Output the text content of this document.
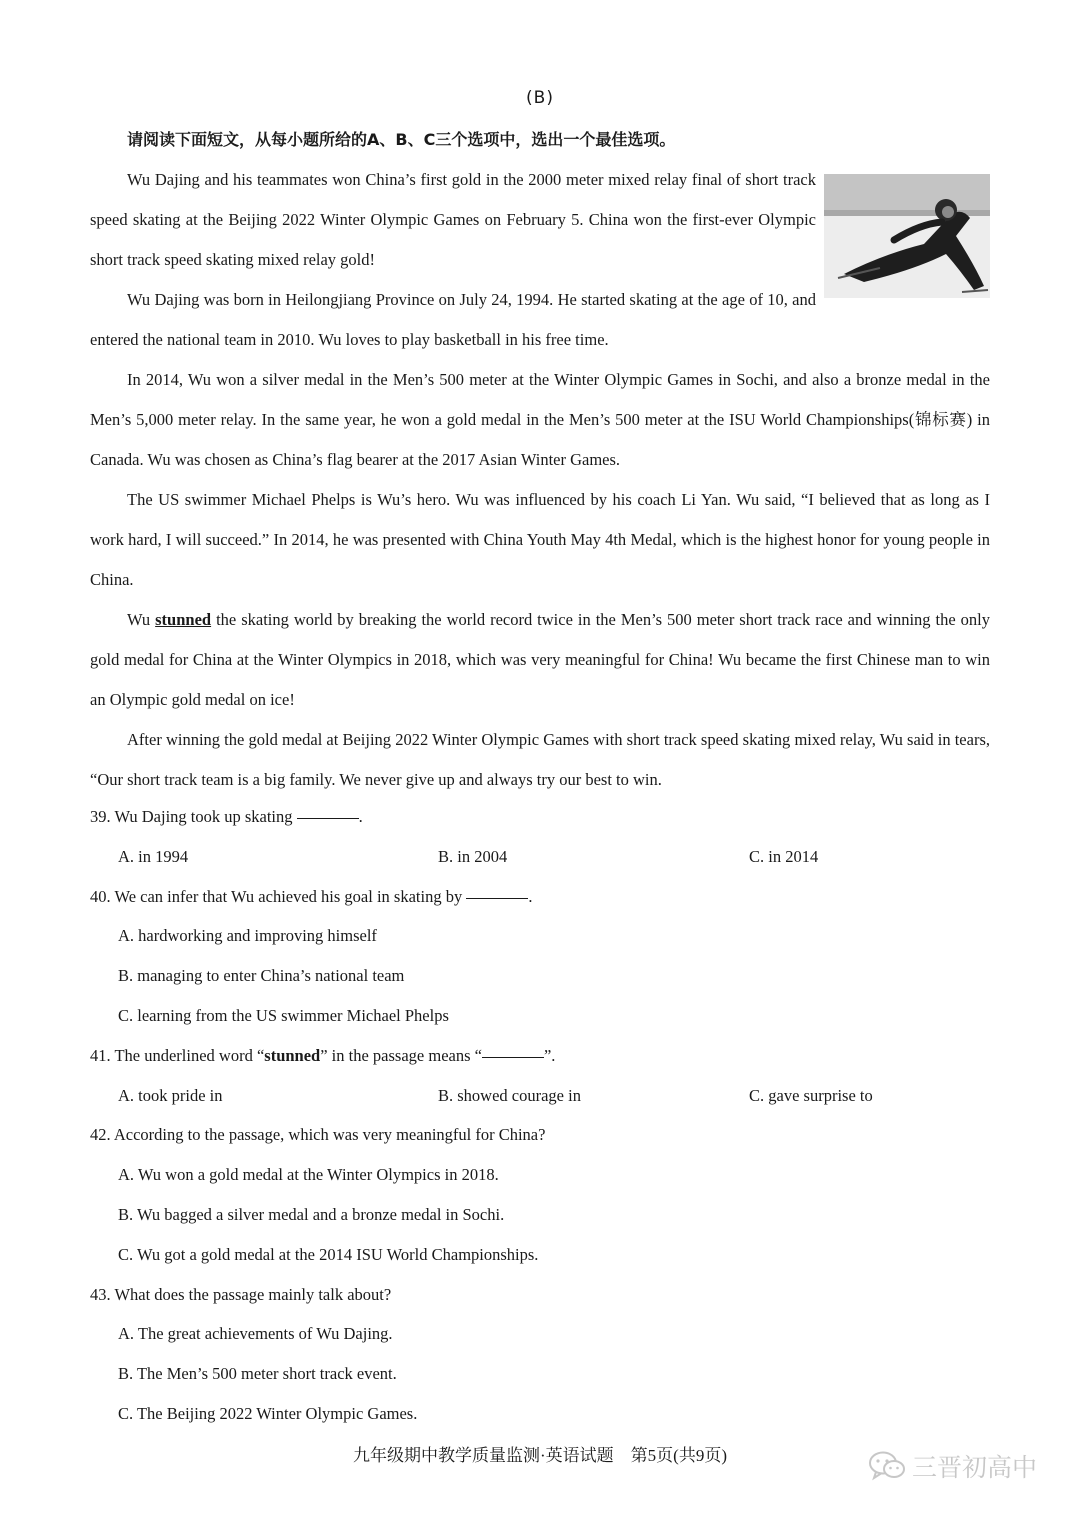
(B)
请阅读下面短文，从每小题所给的A、B、C三个选项中，选出一个最佳选项。

Wu Dajing and his teammates won China’s first gold in the 2000 meter mixed relay final of short track speed skating at the Beijing 2022 Winter Olympic Games on February 5. China won the first-ever Olympic short track speed skating mixed relay gold!

Wu Dajing was born in Heilongjiang Province on July 24, 1994. He started skating at the age of 10, and entered the national team in 2010. Wu loves to play basketball in his free time.

In 2014, Wu won a silver medal in the Men’s 500 meter at the Winter Olympic Games in Sochi, and also a bronze medal in the Men’s 5,000 meter relay. In the same year, he won a gold medal in the Men’s 500 meter at the ISU World Championships(锦标赛) in Canada. Wu was chosen as China’s flag bearer at the 2017 Asian Winter Games.

The US swimmer Michael Phelps is Wu’s hero. Wu was influenced by his coach Li Yan. Wu said, “I believed that as long as I work hard, I will succeed.” In 2014, he was presented with China Youth May 4th Medal, which is the highest honor for young people in China.

Wu stunned the skating world by breaking the world record twice in the Men’s 500 meter short track race and winning the only gold medal for China at the Winter Olympics in 2018, which was very meaningful for China! Wu became the first Chinese man to win an Olympic gold medal on ice!

After winning the gold medal at Beijing 2022 Winter Olympic Games with short track speed skating mixed relay, Wu said in tears, “Our short track team is a big family. We never give up and always try our best to win.

39. Wu Dajing took up skating	.

A. in 1994	B. in 2004	C. in 2014

40. We can infer that Wu achieved his goal in skating by	.

A. hardworking and improving himself

B. managing to enter China’s national team

C. learning from the US swimmer Michael Phelps

41. The underlined word “stunned” in the passage means “	”.

A. took pride in	B. showed courage in	C. gave surprise to

42. According to the passage, which was very meaningful for China?

A. Wu won a gold medal at the Winter Olympics in 2018.

B. Wu bagged a silver medal and a bronze medal in Sochi.

C. Wu got a gold medal at the 2014 ISU World Championships.

43. What does the passage mainly talk about?

A. The great achievements of Wu Dajing.

B. The Men’s 500 meter short track event.

C. The Beijing 2022 Winter Olympic Games.

九年级期中教学质量监测·英语试题　第5页(共9页)	三晋初高中
